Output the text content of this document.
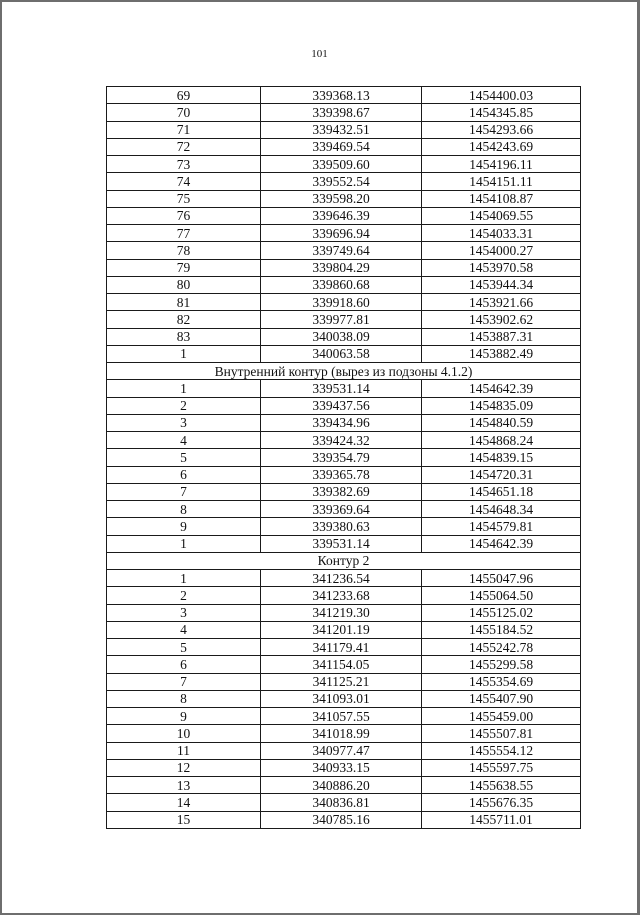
101
69	339368.13	1454400.03
70	339398.67	1454345.85
71	339432.51	1454293.66
72	339469.54	1454243.69
73	339509.60	1454196.11
74	339552.54	1454151.11
75	339598.20	1454108.87
76	339646.39	1454069.55
77	339696.94	1454033.31
78	339749.64	1454000.27
79	339804.29	1453970.58
80	339860.68	1453944.34
81	339918.60	1453921.66
82	339977.81	1453902.62
83	340038.09	1453887.31
1	340063.58	1453882.49
Внутренний контур (вырез из подзоны 4.1.2)		
1	339531.14	1454642.39
2	339437.56	1454835.09
3	339434.96	1454840.59
4	339424.32	1454868.24
5	339354.79	1454839.15
6	339365.78	1454720.31
7	339382.69	1454651.18
8	339369.64	1454648.34
9	339380.63	1454579.81
1	339531.14	1454642.39
Контур 2		
1	341236.54	1455047.96
2	341233.68	1455064.50
3	341219.30	1455125.02
4	341201.19	1455184.52
5	341179.41	1455242.78
6	341154.05	1455299.58
7	341125.21	1455354.69
8	341093.01	1455407.90
9	341057.55	1455459.00
10	341018.99	1455507.81
11	340977.47	1455554.12
12	340933.15	1455597.75
13	340886.20	1455638.55
14	340836.81	1455676.35
15	340785.16	1455711.01
